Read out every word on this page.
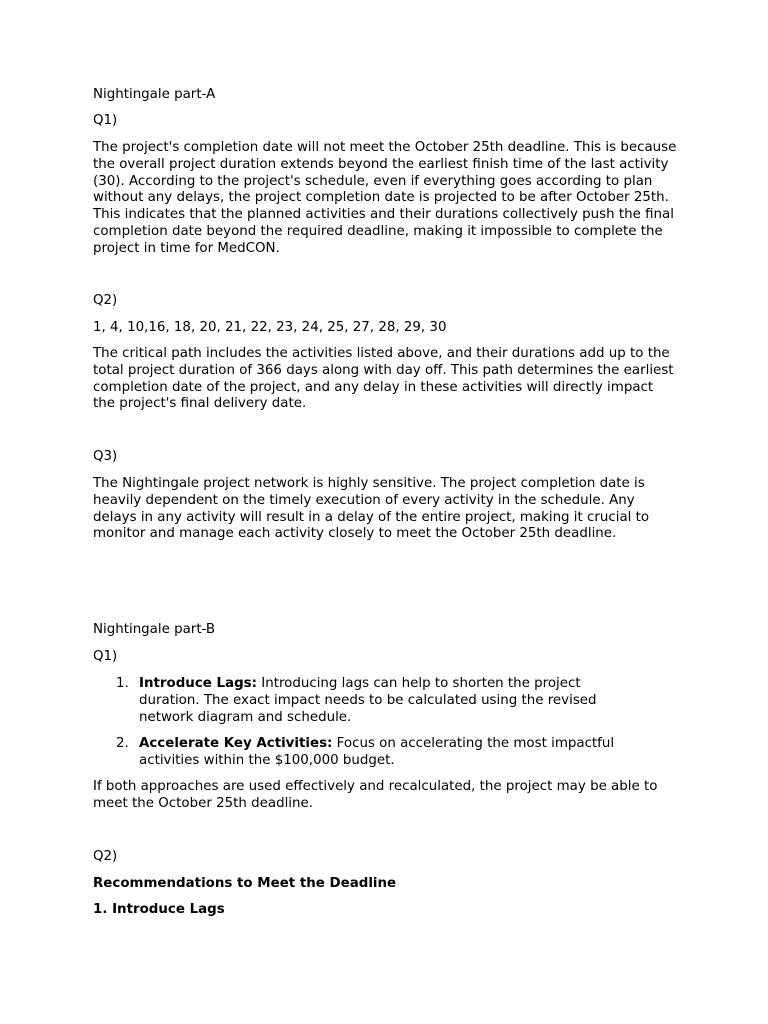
Nightingale part-A
Q1)
The project's completion date will not meet the October 25th deadline. This is because the overall project duration extends beyond the earliest finish time of the last activity (30). According to the project's schedule, even if everything goes according to plan without any delays, the project completion date is projected to be after October 25th. This indicates that the planned activities and their durations collectively push the final completion date beyond the required deadline, making it impossible to complete the project in time for MedCON.
Q2)
1, 4, 10,16, 18, 20, 21, 22, 23, 24, 25, 27, 28, 29, 30
The critical path includes the activities listed above, and their durations add up to the total project duration of 366 days along with day off. This path determines the earliest completion date of the project, and any delay in these activities will directly impact the project's final delivery date.
Q3)
The Nightingale project network is highly sensitive. The project completion date is heavily dependent on the timely execution of every activity in the schedule. Any delays in any activity will result in a delay of the entire project, making it crucial to monitor and manage each activity closely to meet the October 25th deadline.
Nightingale part-B
Q1)
1. Introduce Lags: Introducing lags can help to shorten the project duration. The exact impact needs to be calculated using the revised network diagram and schedule.
2. Accelerate Key Activities: Focus on accelerating the most impactful activities within the $100,000 budget.
If both approaches are used effectively and recalculated, the project may be able to meet the October 25th deadline.
Q2)
Recommendations to Meet the Deadline
1. Introduce Lags
